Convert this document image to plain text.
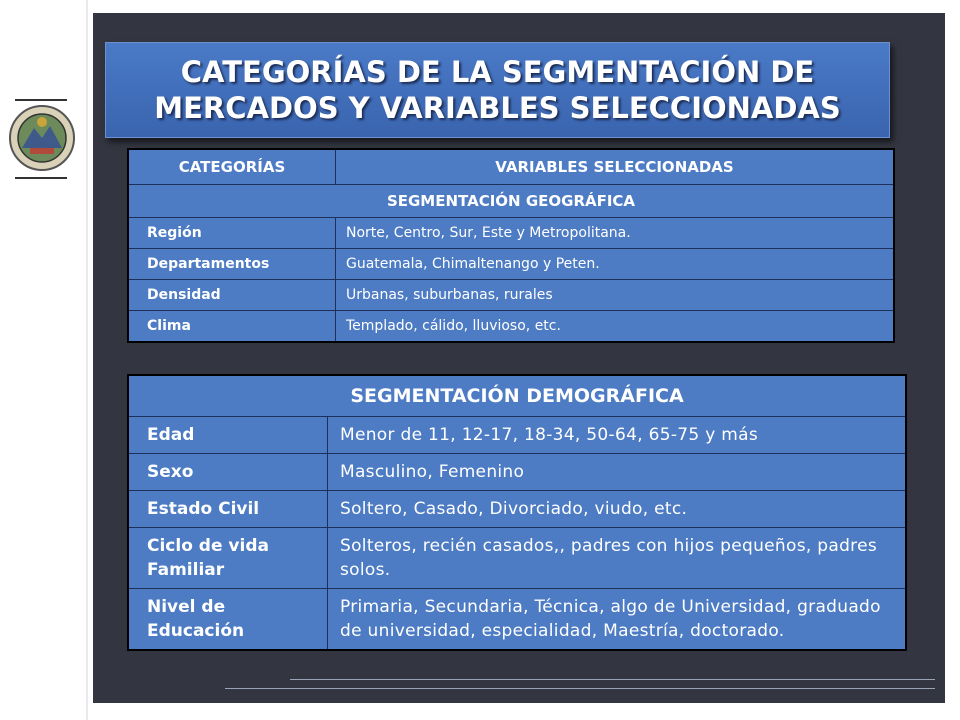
CATEGORÍAS DE LA SEGMENTACIÓN DE
MERCADOS Y VARIABLES SELECCIONADAS
CATEGORÍAS	VARIABLES SELECCIONADAS
SEGMENTACIÓN GEOGRÁFICA	
Región	Norte, Centro, Sur, Este y Metropolitana.
Departamentos	Guatemala, Chimaltenango y Peten.
Densidad	Urbanas, suburbanas, rurales
Clima	Templado, cálido, lluvioso, etc.
SEGMENTACIÓN DEMOGRÁFICA	
Edad	Menor de 11, 12-17, 18-34, 50-64, 65-75 y más
Sexo	Masculino, Femenino
Estado Civil	Soltero, Casado, Divorciado, viudo, etc.
Ciclo de vida Familiar	Solteros, recién casados,, padres con hijos pequeños, padres solos.
Nivel de Educación	Primaria, Secundaria, Técnica, algo de Universidad, graduado de universidad, especialidad, Maestría, doctorado.
